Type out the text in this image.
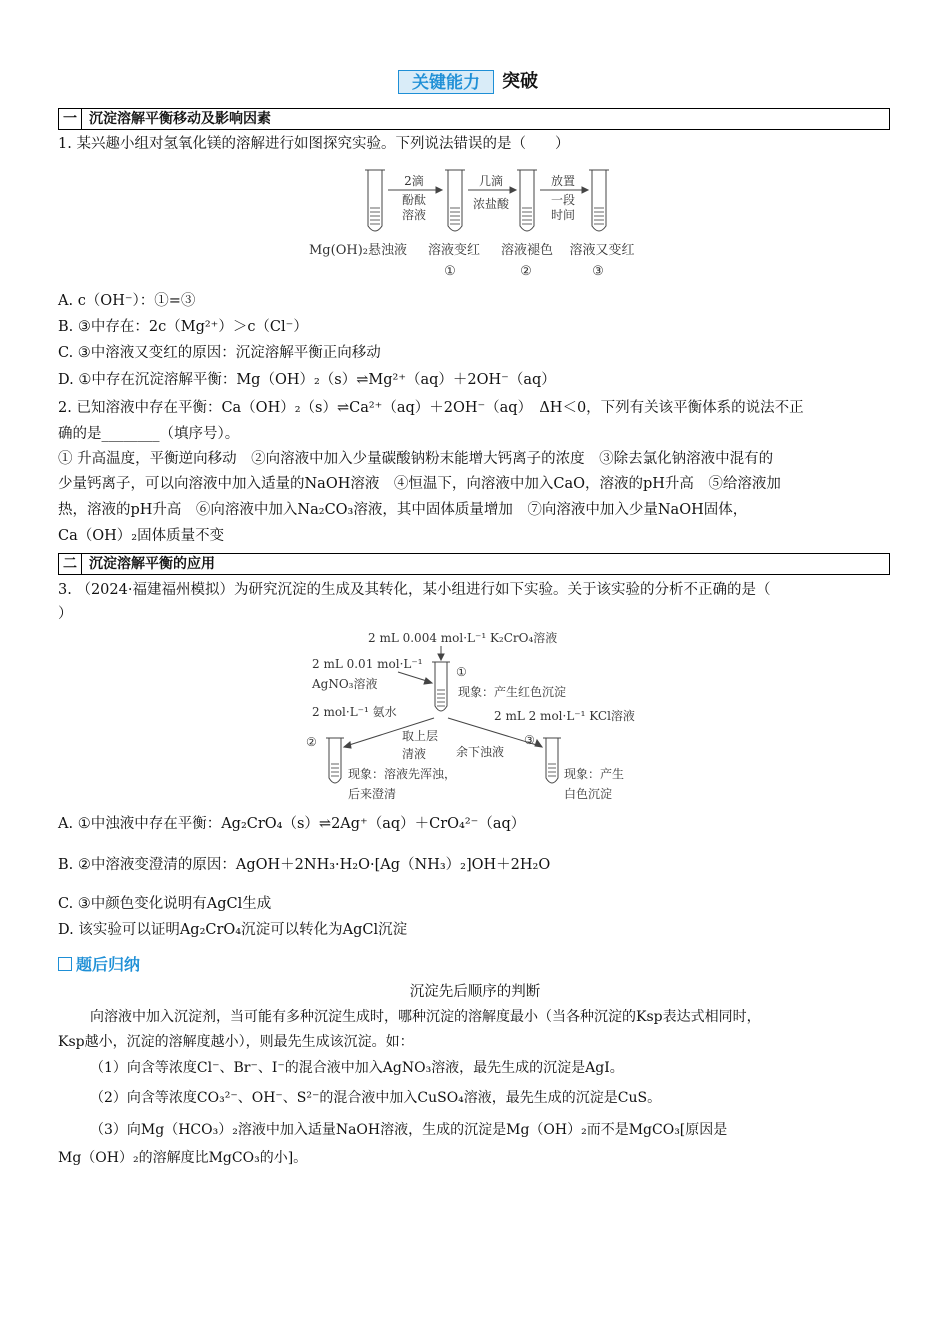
关键能力	突破
一 沉淀溶解平衡移动及影响因素
1. 某兴趣小组对氢氧化镁的溶解进行如图探究实验。下列说法错误的是（　　）
2滴
酚酞
溶液
几滴
浓盐酸
放置
一段
时间
Mg(OH)₂悬浊液 溶液变红 溶液褪色 溶液又变红
①	②	③
A. c（OH⁻）：①=③
B. ③中存在：2c（Mg²⁺）＞c（Cl⁻）
C. ③中溶液又变红的原因：沉淀溶解平衡正向移动
D. ①中存在沉淀溶解平衡：Mg（OH）₂（s）⇌Mg²⁺（aq）＋2OH⁻（aq）
2. 已知溶液中存在平衡：Ca（OH）₂（s）⇌Ca²⁺（aq）＋2OH⁻（aq）　ΔH＜0，下列有关该平衡体系的说法不正
确的是________（填序号）。
① 升高温度，平衡逆向移动　②向溶液中加入少量碳酸钠粉末能增大钙离子的浓度　③除去氯化钠溶液中混有的
少量钙离子，可以向溶液中加入适量的NaOH溶液　④恒温下，向溶液中加入CaO，溶液的pH升高　⑤给溶液加
热，溶液的pH升高　⑥向溶液中加入Na₂CO₃溶液，其中固体质量增加　⑦向溶液中加入少量NaOH固体，
Ca（OH）₂固体质量不变
二 沉淀溶解平衡的应用
3. （2024·福建福州模拟）为研究沉淀的生成及其转化，某小组进行如下实验。关于该实验的分析不正确的是（
）
2 mL 0.004 mol·L⁻¹ K₂CrO₄溶液
2 mL 0.01 mol·L⁻¹
AgNO₃溶液
现象：产生红色沉淀
①
2 mol·L⁻¹ 氨水	2 mL 2 mol·L⁻¹ KCl溶液
取上层
清液 余下浊液
②	③
现象：溶液先浑浊，
后来澄清
现象：产生
白色沉淀
A. ①中浊液中存在平衡：Ag₂CrO₄（s）⇌2Ag⁺（aq）＋CrO₄²⁻（aq）
B. ②中溶液变澄清的原因：AgOH＋2NH₃·H₂O·[Ag（NH₃）₂]OH＋2H₂O
C. ③中颜色变化说明有AgCl生成
D. 该实验可以证明Ag₂CrO₄沉淀可以转化为AgCl沉淀
题后归纳
沉淀先后顺序的判断
向溶液中加入沉淀剂，当可能有多种沉淀生成时，哪种沉淀的溶解度最小（当各种沉淀的Ksp表达式相同时，
Ksp越小，沉淀的溶解度越小），则最先生成该沉淀。如：
（1）向含等浓度Cl⁻、Br⁻、I⁻的混合液中加入AgNO₃溶液，最先生成的沉淀是AgI。
（2）向含等浓度CO₃²⁻、OH⁻、S²⁻的混合液中加入CuSO₄溶液，最先生成的沉淀是CuS。
（3）向Mg（HCO₃）₂溶液中加入适量NaOH溶液，生成的沉淀是Mg（OH）₂而不是MgCO₃[原因是
Mg（OH）₂的溶解度比MgCO₃的小]。
